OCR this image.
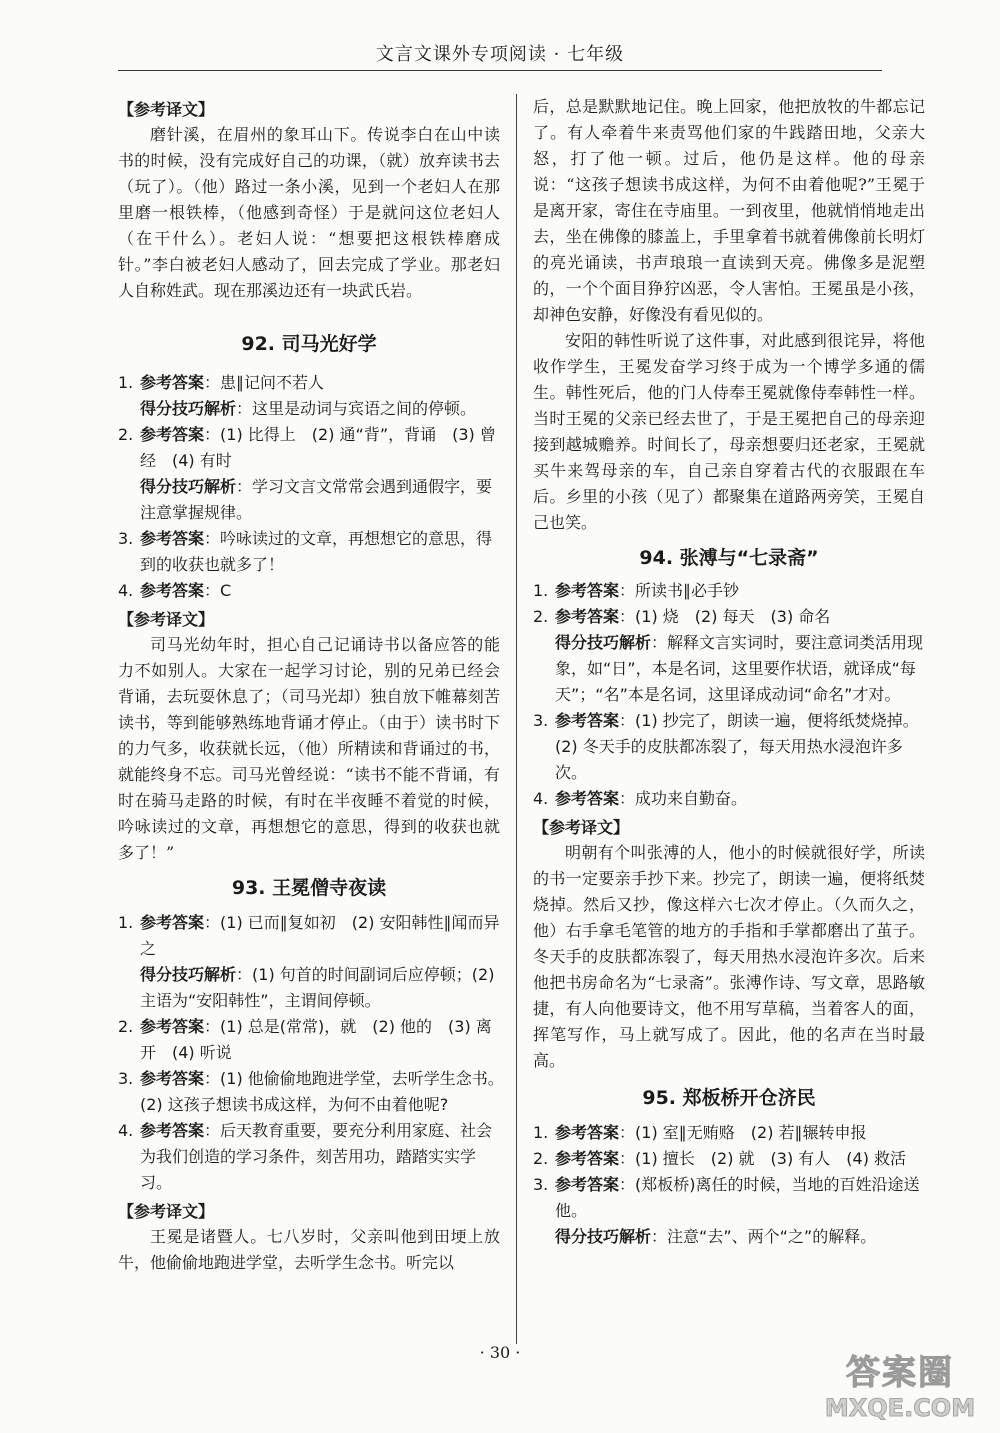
文言文课外专项阅读 · 七年级

【参考译文】

磨针溪，在眉州的象耳山下。传说李白在山中读书的时候，没有完成好自己的功课，（就）放弃读书去（玩了）。（他）路过一条小溪，见到一个老妇人在那里磨一根铁棒，（他感到奇怪）于是就问这位老妇人（在干什么）。老妇人说：“想要把这根铁棒磨成针。”李白被老妇人感动了，回去完成了学业。那老妇人自称姓武。现在那溪边还有一块武氏岩。

92. 司马光好学

1. 参考答案：患∥记问不若人
得分技巧解析：这里是动词与宾语之间的停顿。
2. 参考答案：(1) 比得上　(2) 通“背”，背诵　(3) 曾经　(4) 有时
得分技巧解析：学习文言文常常会遇到通假字，要注意掌握规律。
3. 参考答案：吟咏读过的文章，再想想它的意思，得到的收获也就多了！
4. 参考答案：C

【参考译文】

司马光幼年时，担心自己记诵诗书以备应答的能力不如别人。大家在一起学习讨论，别的兄弟已经会背诵，去玩耍休息了；（司马光却）独自放下帷幕刻苦读书，等到能够熟练地背诵才停止。（由于）读书时下的力气多，收获就长远，（他）所精读和背诵过的书，就能终身不忘。司马光曾经说：“读书不能不背诵，有时在骑马走路的时候，有时在半夜睡不着觉的时候，吟咏读过的文章，再想想它的意思，得到的收获也就多了！”

93. 王冕僧寺夜读

1. 参考答案：(1) 已而∥复如初　(2) 安阳韩性∥闻而异之
得分技巧解析：(1) 句首的时间副词后应停顿；(2)主语为“安阳韩性”，主谓间停顿。
2. 参考答案：(1) 总是(常常)，就　(2) 他的　(3) 离开　(4) 听说
3. 参考答案：(1) 他偷偷地跑进学堂，去听学生念书。　(2) 这孩子想读书成这样，为何不由着他呢?
4. 参考答案：后天教育重要，要充分利用家庭、社会为我们创造的学习条件，刻苦用功，踏踏实实学习。

【参考译文】

王冕是诸暨人。七八岁时，父亲叫他到田埂上放牛，他偷偷地跑进学堂，去听学生念书。听完以

后，总是默默地记住。晚上回家，他把放牧的牛都忘记了。有人牵着牛来责骂他们家的牛践踏田地，父亲大怒，打了他一顿。过后，他仍是这样。他的母亲说：“这孩子想读书成这样，为何不由着他呢?”王冕于是离开家，寄住在寺庙里。一到夜里，他就悄悄地走出去，坐在佛像的膝盖上，手里拿着书就着佛像前长明灯的亮光诵读，书声琅琅一直读到天亮。佛像多是泥塑的，一个个面目狰狞凶恶，令人害怕。王冕虽是小孩，却神色安静，好像没有看见似的。

安阳的韩性听说了这件事，对此感到很诧异，将他收作学生，王冕发奋学习终于成为一个博学多通的儒生。韩性死后，他的门人侍奉王冕就像侍奉韩性一样。当时王冕的父亲已经去世了，于是王冕把自己的母亲迎接到越城赡养。时间长了，母亲想要归还老家，王冕就买牛来驾母亲的车，自己亲自穿着古代的衣服跟在车后。乡里的小孩（见了）都聚集在道路两旁笑，王冕自己也笑。

94. 张溥与“七录斋”

1. 参考答案：所读书∥必手钞
2. 参考答案：(1) 烧　(2) 每天　(3) 命名
得分技巧解析：解释文言实词时，要注意词类活用现象，如“日”，本是名词，这里要作状语，就译成“每天”；“名”本是名词，这里译成动词“命名”才对。
3. 参考答案：(1) 抄完了，朗读一遍，便将纸焚烧掉。　(2) 冬天手的皮肤都冻裂了，每天用热水浸泡许多次。
4. 参考答案：成功来自勤奋。

【参考译文】

明朝有个叫张溥的人，他小的时候就很好学，所读的书一定要亲手抄下来。抄完了，朗读一遍，便将纸焚烧掉。然后又抄，像这样六七次才停止。（久而久之，他）右手拿毛笔管的地方的手指和手掌都磨出了茧子。冬天手的皮肤都冻裂了，每天用热水浸泡许多次。后来他把书房命名为“七录斋”。张溥作诗、写文章，思路敏捷，有人向他要诗文，他不用写草稿，当着客人的面，挥笔写作，马上就写成了。因此，他的名声在当时最高。

95. 郑板桥开仓济民

1. 参考答案：(1) 室∥无贿赂　(2) 若∥辗转申报
2. 参考答案：(1) 擅长　(2) 就　(3) 有人　(4) 救活
3. 参考答案：(郑板桥)离任的时候，当地的百姓沿途送他。
得分技巧解析：注意“去”、两个“之”的解释。
· 30 ·
答案圈
MXQE.COM
